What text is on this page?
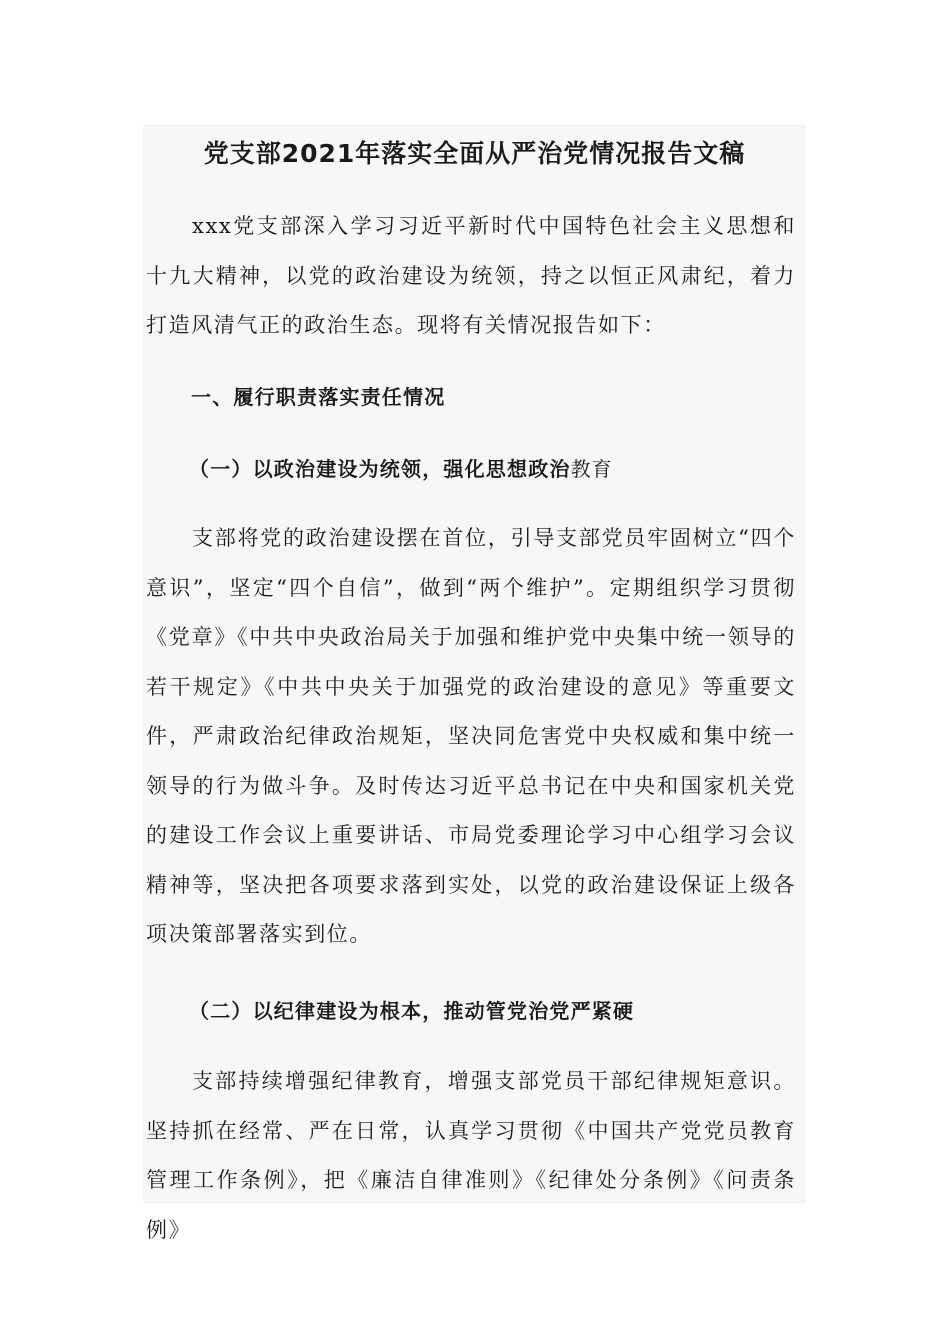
党支部2021年落实全面从严治党情况报告文稿

xxx党支部深入学习习近平新时代中国特色社会主义思想和十九大精神，以党的政治建设为统领，持之以恒正风肃纪，着力打造风清气正的政治生态。现将有关情况报告如下：

一、履行职责落实责任情况
（一）以政治建设为统领，强化思想政治教育

支部将党的政治建设摆在首位，引导支部党员牢固树立“四个意识”，坚定“四个自信”，做到“两个维护”。定期组织学习贯彻《党章》《中共中央政治局关于加强和维护党中央集中统一领导的若干规定》《中共中央关于加强党的政治建设的意见》等重要文件，严肃政治纪律政治规矩，坚决同危害党中央权威和集中统一领导的行为做斗争。及时传达习近平总书记在中央和国家机关党的建设工作会议上重要讲话、市局党委理论学习中心组学习会议精神等，坚决把各项要求落到实处，以党的政治建设保证上级各项决策部署落实到位。

（二）以纪律建设为根本，推动管党治党严紧硬

支部持续增强纪律教育，增强支部党员干部纪律规矩意识。坚持抓在经常、严在日常，认真学习贯彻《中国共产党党员教育管理工作条例》，把《廉洁自律准则》《纪律处分条例》《问责条例》
